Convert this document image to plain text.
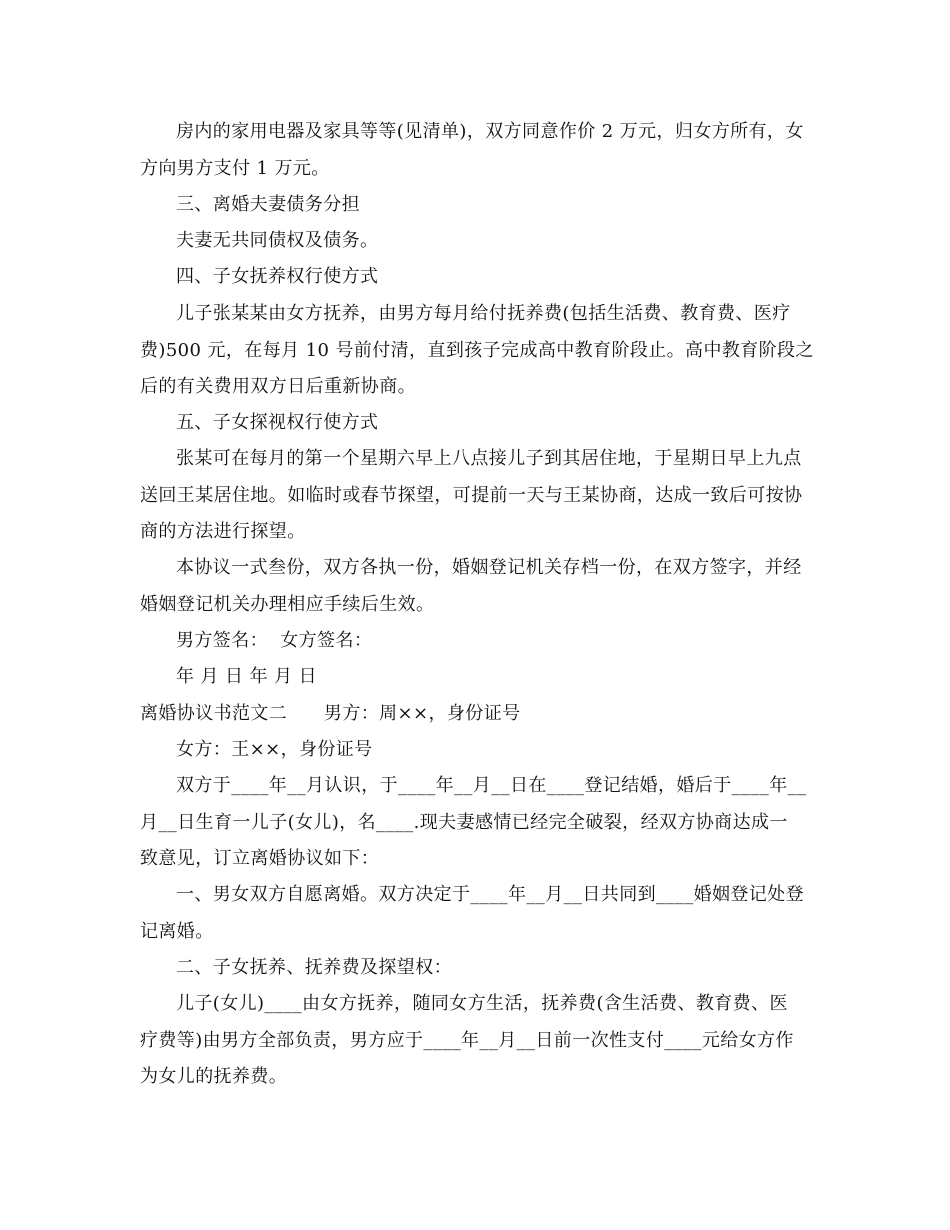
房内的家用电器及家具等等(见清单)，双方同意作价 2 万元，归女方所有，女
方向男方支付 1 万元。
三、离婚夫妻债务分担
夫妻无共同债权及债务。
四、子女抚养权行使方式
儿子张某某由女方抚养，由男方每月给付抚养费(包括生活费、教育费、医疗
费)500 元，在每月 10 号前付清，直到孩子完成高中教育阶段止。高中教育阶段之
后的有关费用双方日后重新协商。
五、子女探视权行使方式
张某可在每月的第一个星期六早上八点接儿子到其居住地，于星期日早上九点
送回王某居住地。如临时或春节探望，可提前一天与王某协商，达成一致后可按协
商的方法进行探望。
本协议一式叁份，双方各执一份，婚姻登记机关存档一份，在双方签字，并经
婚姻登记机关办理相应手续后生效。
男方签名：  女方签名：
年 月 日 年 月 日
离婚协议书范文二      男方：周××，身份证号
女方：王××，身份证号
双方于____年__月认识，于____年__月__日在____登记结婚，婚后于____年__
月__日生育一儿子(女儿)，名____.现夫妻感情已经完全破裂，经双方协商达成一
致意见，订立离婚协议如下：
一、男女双方自愿离婚。双方决定于____年__月__日共同到____婚姻登记处登
记离婚。
二、子女抚养、抚养费及探望权：
儿子(女儿)____由女方抚养，随同女方生活，抚养费(含生活费、教育费、医
疗费等)由男方全部负责，男方应于____年__月__日前一次性支付____元给女方作
为女儿的抚养费。
